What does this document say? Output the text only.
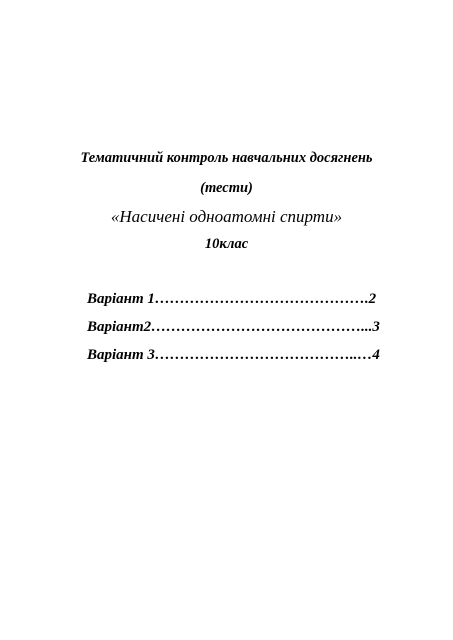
Тематичний контроль навчальних досягнень
(тести)
«Насичені одноатомні спирти»
10клас
Варіант 1…………………………………….2
Варіант2……………………………………...3
Варіант 3…………………………………..…4
